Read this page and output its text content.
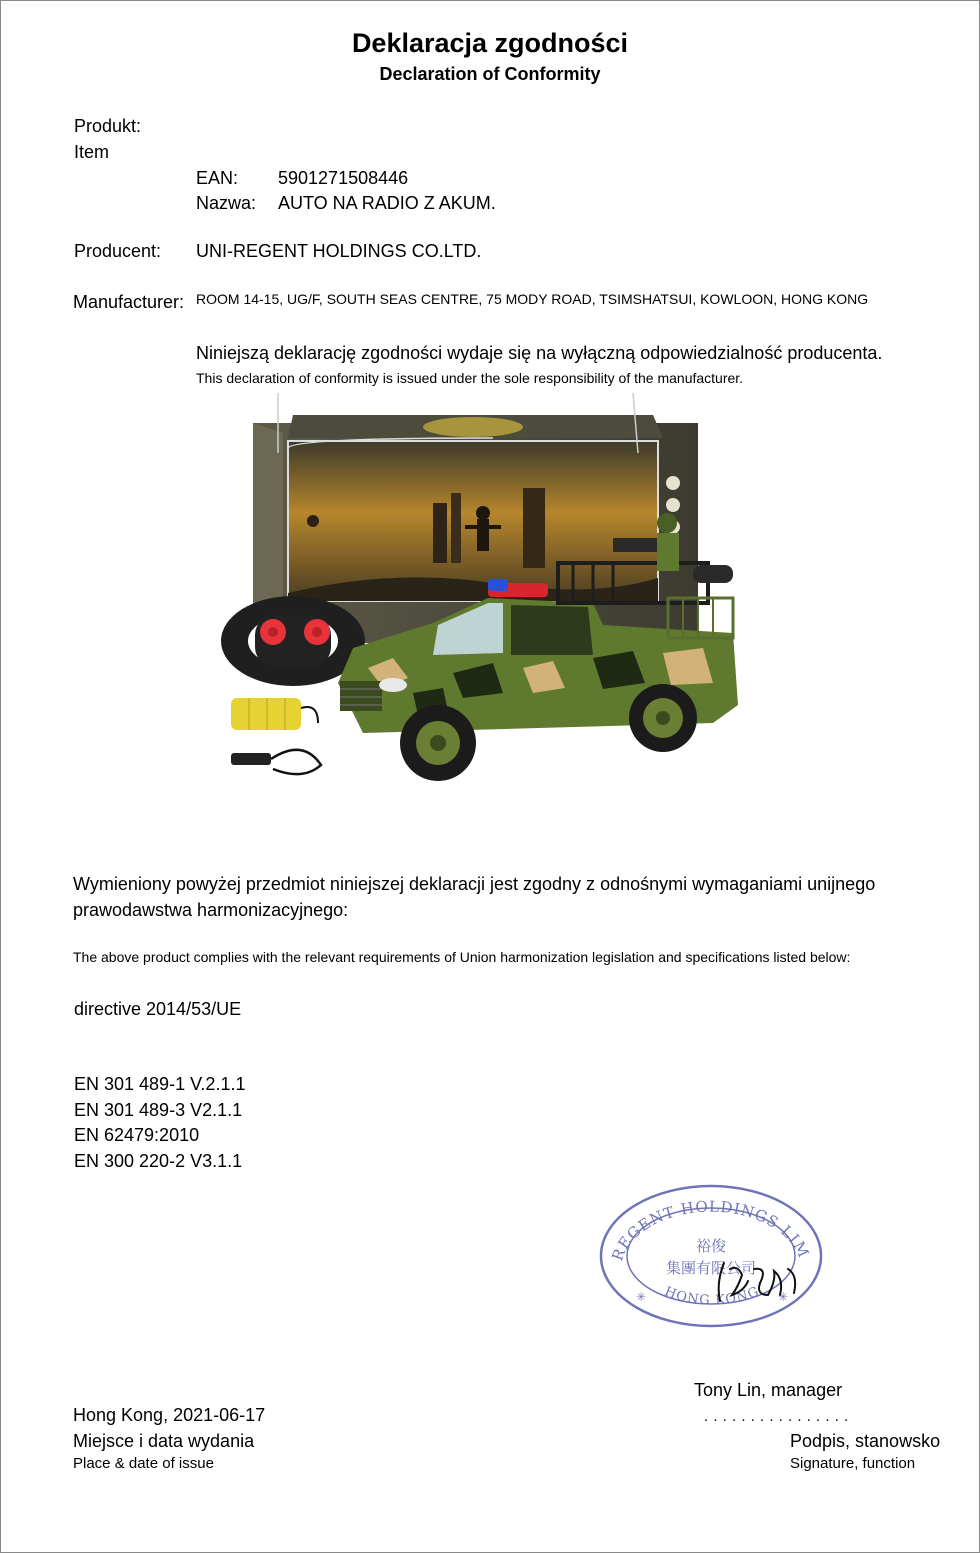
Deklaracja zgodności
Declaration of Conformity
Produkt:
Item
EAN: 5901271508446
Nazwa: AUTO NA RADIO Z AKUM.
Producent: UNI-REGENT HOLDINGS CO.LTD.
Manufacturer: ROOM 14-15, UG/F, SOUTH SEAS CENTRE, 75 MODY ROAD, TSIMSHATSUI, KOWLOON, HONG KONG
Niniejszą deklarację zgodności wydaje się na wyłączną odpowiedzialność producenta.
This declaration of conformity is issued under the sole responsibility of the manufacturer.
Wymieniony powyżej przedmiot niniejszej deklaracji jest zgodny z odnośnymi wymaganiami unijnego
prawodawstwa harmonizacyjnego:
The above product complies with the relevant requirements of Union harmonization legislation and specifications listed below:
directive 2014/53/UE
EN 301 489-1 V.2.1.1
EN 301 489-3 V2.1.1
EN 62479:2010
EN 300 220-2 V3.1.1
REGENT HOLDINGS LIM
裕俊
集團有限公司
HONG KONG
✳	✳
Tony Lin, manager
. . . . . . . . . . . . . . . .
Hong Kong, 2021-06-17
Miejsce i data wydania
Place & date of issue
Podpis, stanowsko
Signature, function
